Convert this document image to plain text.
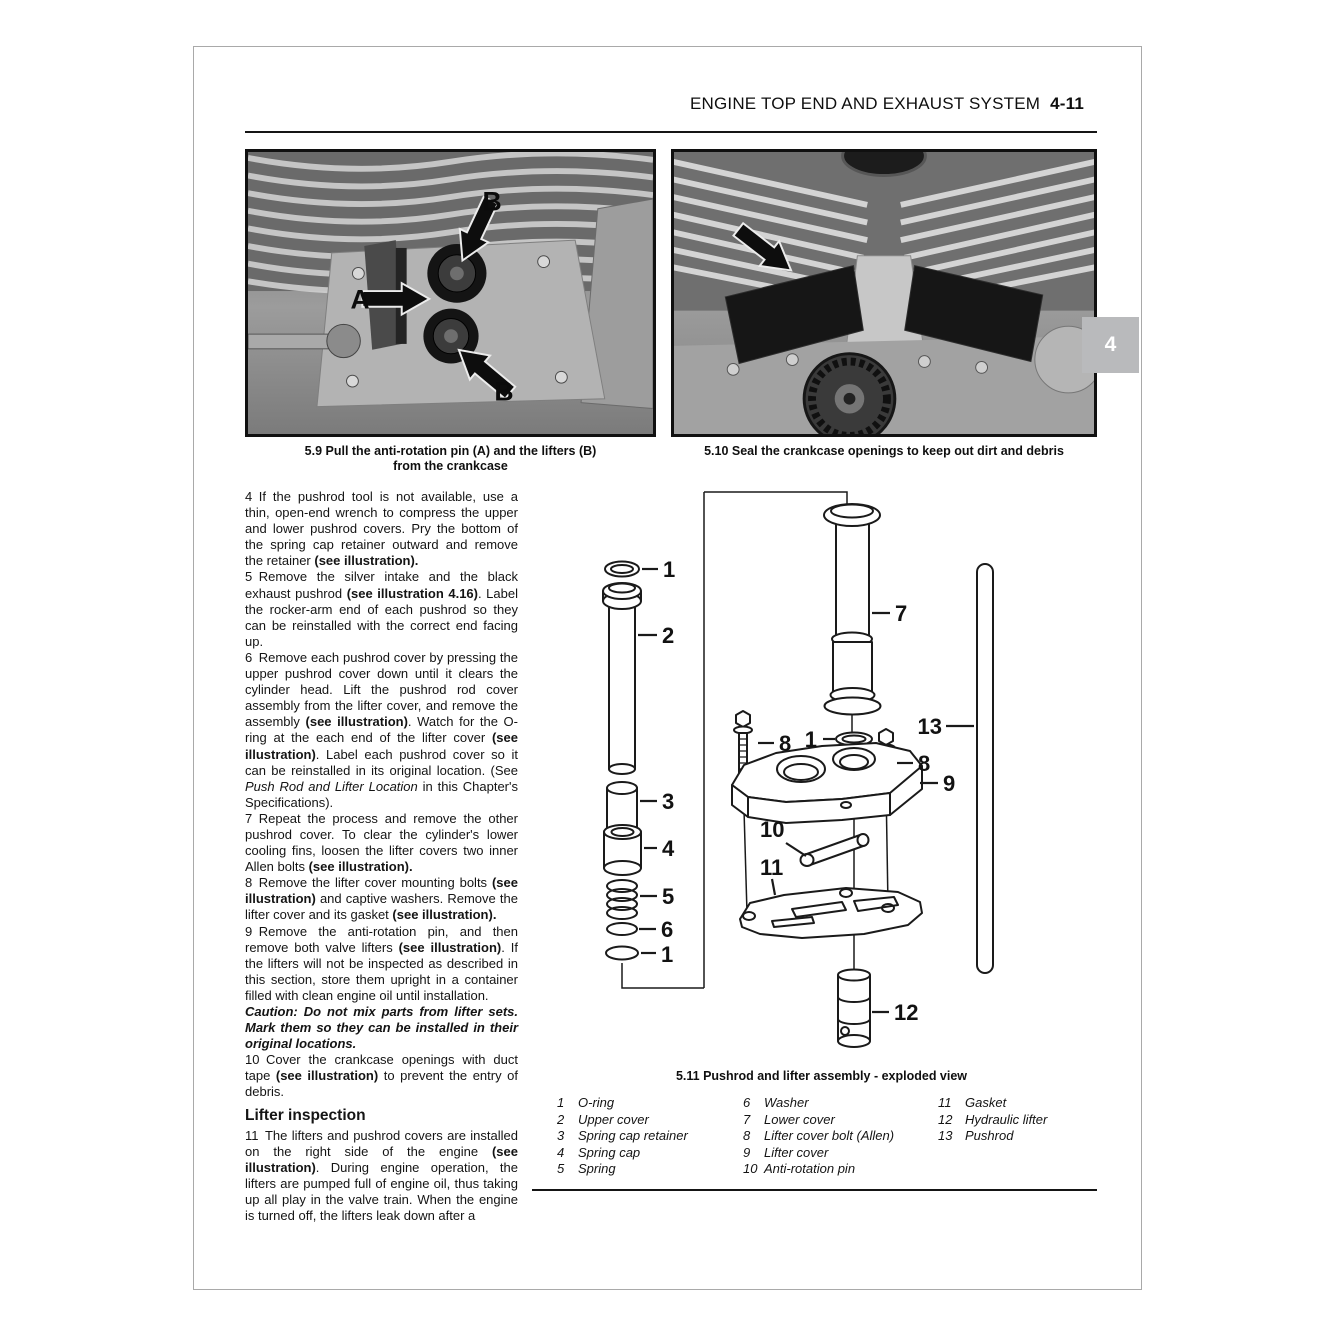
ENGINE TOP END AND EXHAUST SYSTEM 4-11
A
B
B
5.9 Pull the anti-rotation pin (A) and the lifters (B)
from the crankcase
5.10 Seal the crankcase openings to keep out dirt and debris

4 If the pushrod tool is not available, use a thin, open-end wrench to compress the upper and lower pushrod covers. Pry the bottom of the spring cap retainer outward and remove the retainer (see illustration).

5 Remove the silver intake and the black exhaust pushrod (see illustration 4.16). Label the rocker-arm end of each pushrod so they can be reinstalled with the correct end facing up.

6 Remove each pushrod cover by pressing the upper pushrod cover down until it clears the cylinder head. Lift the pushrod rod cover assembly from the lifter cover, and remove the assembly (see illustration). Watch for the O-ring at the each end of the lifter cover (see illustration). Label each pushrod cover so it can be reinstalled in its original location. (See Push Rod and Lifter Location in this Chapter's Specifications).

7 Repeat the process and remove the other pushrod cover. To clear the cylinder's lower cooling fins, loosen the lifter covers two inner Allen bolts (see illustration).

8 Remove the lifter cover mounting bolts (see illustration) and captive washers. Remove the lifter cover and its gasket (see illustration).

9 Remove the anti-rotation pin, and then remove both valve lifters (see illustration). If the lifters will not be inspected as described in this section, store them upright in a container filled with clean engine oil until installation.

Caution: Do not mix parts from lifter sets. Mark them so they can be installed in their original locations.

10 Cover the crankcase openings with duct tape (see illustration) to prevent the entry of debris.

Lifter inspection

11 The lifters and pushrod covers are installed on the right side of the engine (see illustration). During engine operation, the lifters are pumped full of engine oil, thus taking up all play in the valve train. When the engine is turned off, the lifters leak down after a

1
2
3
4
5
6
1
7
1
8
8
9
10
11
12
13
5.11 Pushrod and lifter assembly - exploded view
1	O-ring
2	Upper cover
3	Spring cap retainer
4	Spring cap
5	Spring
6	Washer
7	Lower cover
8	Lifter cover bolt (Allen)
9	Lifter cover
10 Anti-rotation pin
11	Gasket
12 Hydraulic lifter
13 Pushrod
4
